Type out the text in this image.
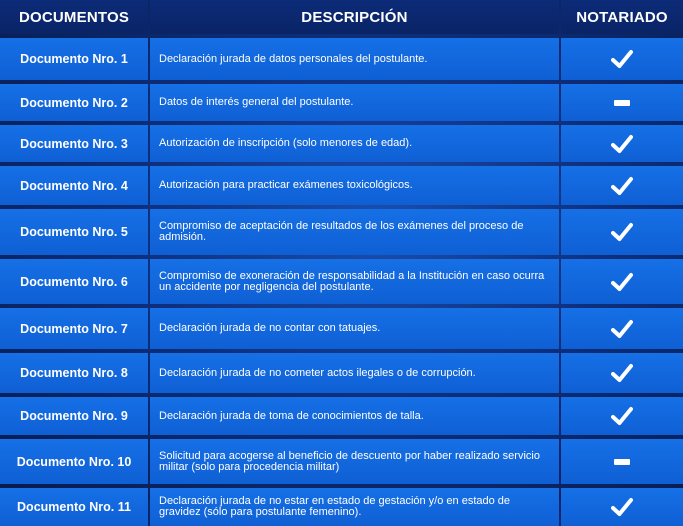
DOCUMENTOS	DESCRIPCIÓN	NOTARIADO
Documento Nro. 1	Declaración jurada de datos personales del postulante.
Documento Nro. 2	Datos de interés general del postulante.
Documento Nro. 3	Autorización de inscripción (solo menores de edad).
Documento Nro. 4	Autorización para practicar exámenes toxicológicos.
Documento Nro. 5	Compromiso de aceptación de resultados de los exámenes del proceso de admisión.
Documento Nro. 6	Compromiso de exoneración de responsabilidad a la Institución en caso ocurra un accidente por negligencia del postulante.
Documento Nro. 7	Declaración jurada de no contar con tatuajes.
Documento Nro. 8	Declaración jurada de no cometer actos ilegales o de corrupción.
Documento Nro. 9	Declaración jurada de toma de conocimientos de talla.
Documento Nro. 10	Solicitud para acogerse al beneficio de descuento por haber realizado servicio militar (solo para procedencia militar)
Documento Nro. 11	Declaración jurada de no estar en estado de gestación y/o en estado de gravidez (sólo para postulante femenino).
